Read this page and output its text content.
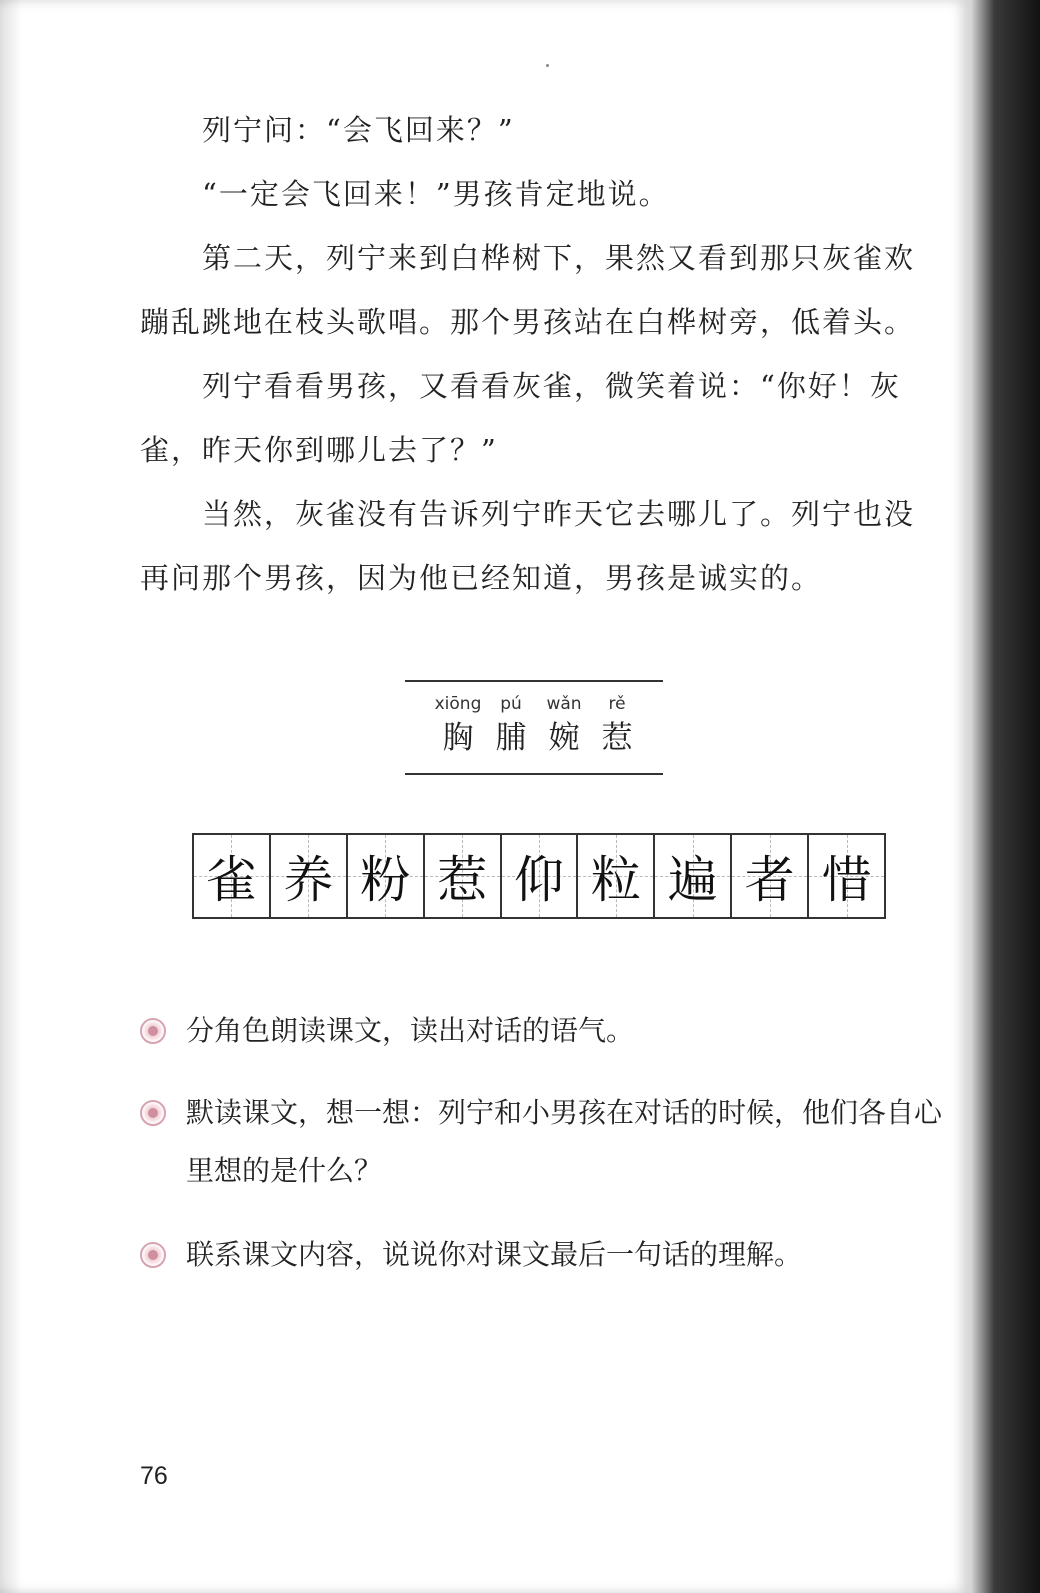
列宁问：“会飞回来？”

“一定会飞回来！”男孩肯定地说。

第二天，列宁来到白桦树下，果然又看到那只灰雀欢蹦乱跳地在枝头歌唱。那个男孩站在白桦树旁，低着头。

列宁看看男孩，又看看灰雀，微笑着说：“你好！灰雀，昨天你到哪儿去了？”

当然，灰雀没有告诉列宁昨天它去哪儿了。列宁也没再问那个男孩，因为他已经知道，男孩是诚实的。

xiōng
胸
pú
脯
wǎn
婉
rě
惹
雀 养 粉 惹 仰 粒 遍 者 惜
分角色朗读课文，读出对话的语气。
默读课文，想一想：列宁和小男孩在对话的时候，他们各自心里想的是什么？
联系课文内容，说说你对课文最后一句话的理解。
76
